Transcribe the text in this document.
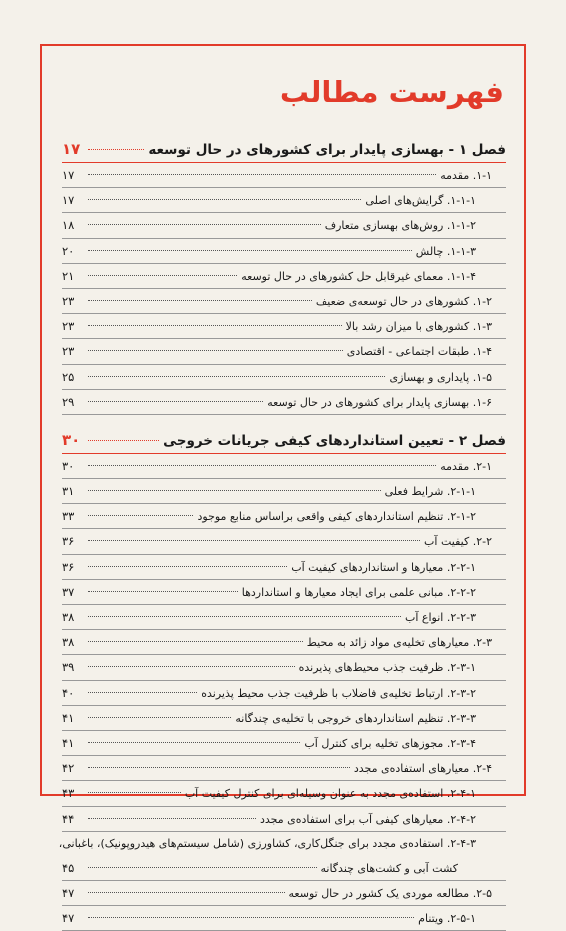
فهرست مطالب
فصل ۱ - بهسازی پایدار برای کشورهای در حال توسعه
۱۷
۱-۱. مقدمه
۱۷
۱-۱-۱. گرایش‌های اصلی
۱۷
۱-۱-۲. روش‌های بهسازی متعارف
۱۸
۱-۱-۳. چالش
۲۰
۱-۱-۴. معمای غیرقابل حل کشورهای در حال توسعه
۲۱
۱-۲. کشورهای در حال توسعه‌ی ضعیف
۲۳
۱-۳. کشورهای با میزان رشد بالا
۲۳
۱-۴. طبقات اجتماعی - اقتصادی
۲۳
۱-۵. پایداری و بهسازی
۲۵
۱-۶. بهسازی پایدار برای کشورهای در حال توسعه
۲۹
فصل ۲ - تعیین استانداردهای کیفی جریانات خروجی
۳۰
۲-۱. مقدمه
۳۰
۲-۱-۱. شرایط فعلی
۳۱
۲-۱-۲. تنظیم استانداردهای کیفی واقعی براساس منابع موجود
۳۳
۲-۲. کیفیت آب
۳۶
۲-۲-۱. معیارها و استانداردهای کیفیت آب
۳۶
۲-۲-۲. مبانی علمی برای ایجاد معیارها و استانداردها
۳۷
۲-۲-۳. انواع آب
۳۸
۲-۳. معیارهای تخلیه‌ی مواد زائد به محیط
۳۸
۲-۳-۱. ظرفیت جذب محیط‌های پذیرنده
۳۹
۲-۳-۲. ارتباط تخلیه‌ی فاضلاب با ظرفیت جذب محیط پذیرنده
۴۰
۲-۳-۳. تنظیم استانداردهای خروجی با تخلیه‌ی چندگانه
۴۱
۲-۳-۴. مجوزهای تخلیه برای کنترل آب
۴۱
۲-۴. معیارهای استفاده‌ی مجدد
۴۲
۲-۴-۱. استفاده‌ی مجدد به عنوان وسیله‌ای برای کنترل کیفیت آب
۴۳
۲-۴-۲. معیارهای کیفی آب برای استفاده‌ی مجدد
۴۴
۲-۴-۳. استفاده‌ی مجدد برای جنگل‌کاری، کشاورزی (شامل سیستم‌های هیدروپونیک)، باغبانی،
کشت آبی و کشت‌های چندگانه
۴۵
۲-۵. مطالعه موردی یک کشور در حال توسعه
۴۷
۲-۵-۱. ویتنام
۴۷
